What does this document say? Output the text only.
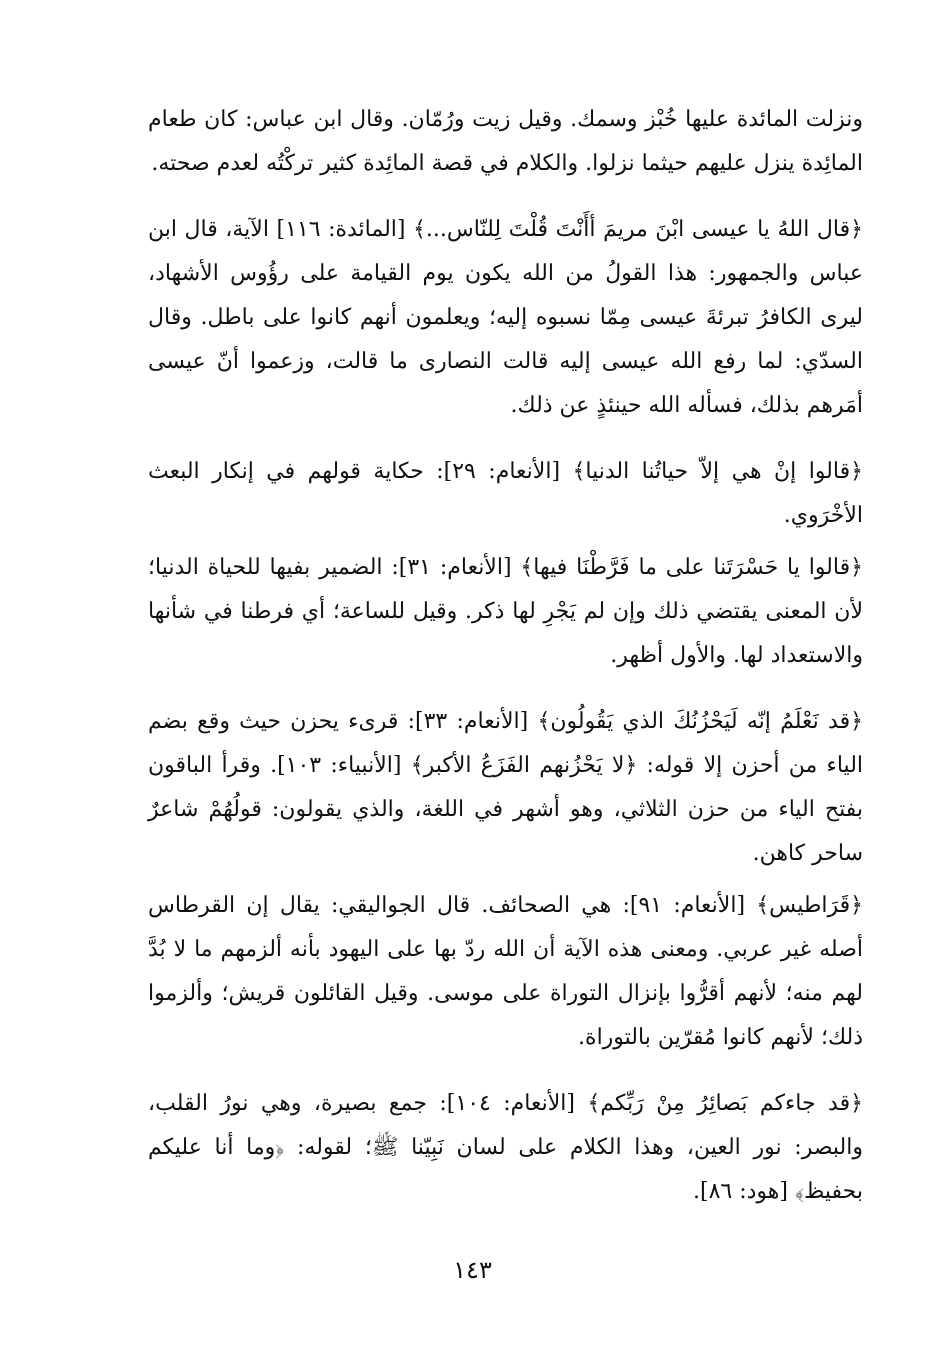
ونزلت المائدة عليها خُبْز وسمك. وقيل زيت ورُمّان. وقال ابن عباس: كان طعام المائِدة ينزل عليهم حيثما نزلوا. والكلام في قصة المائِدة كثير تركْتُه لعدم صحته.

﴿قال اللهُ يا عيسى ابْنَ مريمَ أأَنْتَ قُلْتَ لِلنّاس...﴾ [المائدة: ١١٦] الآية، قال ابن عباس والجمهور: هذا القولُ من الله يكون يوم القيامة على رؤُوس الأشهاد، ليرى الكافرُ تبرئةَ عيسى مِمّا نسبوه إليه؛ ويعلمون أنهم كانوا على باطل. وقال السدّي: لما رفع الله عيسى إليه قالت النصارى ما قالت، وزعموا أنّ عيسى أمَرهم بذلك، فسأله الله حينئذٍ عن ذلك.

﴿قالوا إنْ هي إلاّ حياتُنا الدنيا﴾ [الأنعام: ٢٩]: حكاية قولهم في إنكار البعث الأخْرَوي.

﴿قالوا يا حَسْرَتَنا على ما فَرَّطْنَا فيها﴾ [الأنعام: ٣١]: الضمير بفيها للحياة الدنيا؛ لأن المعنى يقتضي ذلك وإن لم يَجْرِ لها ذكر. وقيل للساعة؛ أي فرطنا في شأنها والاستعداد لها. والأول أظهر.

﴿قد نَعْلَمُ إنّه لَيَحْزُنُكَ الذي يَقُولُون﴾ [الأنعام: ٣٣]: قرىء يحزن حيث وقع بضم الياء من أحزن إلا قوله: ﴿لا يَحْزُنهم الفَزَعُ الأكبر﴾ [الأنبياء: ١٠٣]. وقرأ الباقون بفتح الياء من حزن الثلاثي، وهو أشهر في اللغة، والذي يقولون: قولُهُمْ شاعرٌ ساحر كاهن.

﴿قَرَاطيس﴾ [الأنعام: ٩١]: هي الصحائف. قال الجواليقي: يقال إن القرطاس أصله غير عربي. ومعنى هذه الآية أن الله ردّ بها على اليهود بأنه ألزمهم ما لا بُدَّ لهم منه؛ لأنهم أقرُّوا بإنزال التوراة على موسى. وقيل القائلون قريش؛ وألزموا ذلك؛ لأنهم كانوا مُقرّين بالتوراة.

﴿قد جاءكم بَصائِرُ مِنْ رَبِّكم﴾ [الأنعام: ١٠٤]: جمع بصيرة، وهي نورُ القلب، والبصر: نور العين، وهذا الكلام على لسان نَبِيّنا ﷺ؛ لقوله: ﴿وما أنا عليكم بحفيظ﴾ [هود: ٨٦].

١٤٣
